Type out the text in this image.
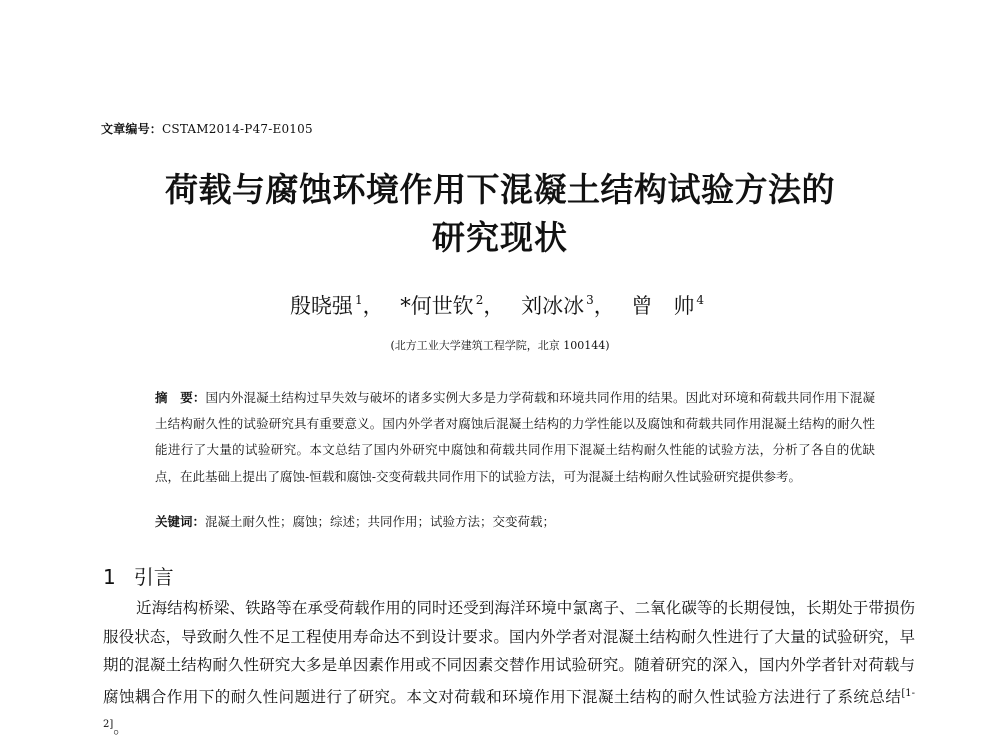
文章编号：CSTAM2014-P47-E0105
荷载与腐蚀环境作用下混凝土结构试验方法的
研究现状
殷晓强 $^1$， *何世钦 $^2$， 刘冰冰 $^3$， 曾　帅 $^4$
(北方工业大学建筑工程学院，北京 100144)

摘　要：国内外混凝土结构过早失效与破坏的诸多实例大多是力学荷载和环境共同作用的结果。因此对环境和荷载共同作用下混凝土结构耐久性的试验研究具有重要意义。国内外学者对腐蚀后混凝土结构的力学性能以及腐蚀和荷载共同作用混凝土结构的耐久性能进行了大量的试验研究。本文总结了国内外研究中腐蚀和荷载共同作用下混凝土结构耐久性能的试验方法，分析了各自的优缺点，在此基础上提出了腐蚀-恒载和腐蚀-交变荷载共同作用下的试验方法，可为混凝土结构耐久性试验研究提供参考。

关键词：混凝土耐久性；腐蚀；综述；共同作用；试验方法；交变荷载；
1 引言

近海结构桥梁、铁路等在承受荷载作用的同时还受到海洋环境中氯离子、二氧化碳等的长期侵蚀，长期处于带损伤服役状态，导致耐久性不足工程使用寿命达不到设计要求。国内外学者对混凝土结构耐久性进行了大量的试验研究，早期的混凝土结构耐久性研究大多是单因素作用或不同因素交替作用试验研究。随着研究的深入，国内外学者针对荷载与腐蚀耦合作用下的耐久性问题进行了研究。本文对荷载和环境作用下混凝土结构的耐久性试验方法进行了系统总结[1-2]。
